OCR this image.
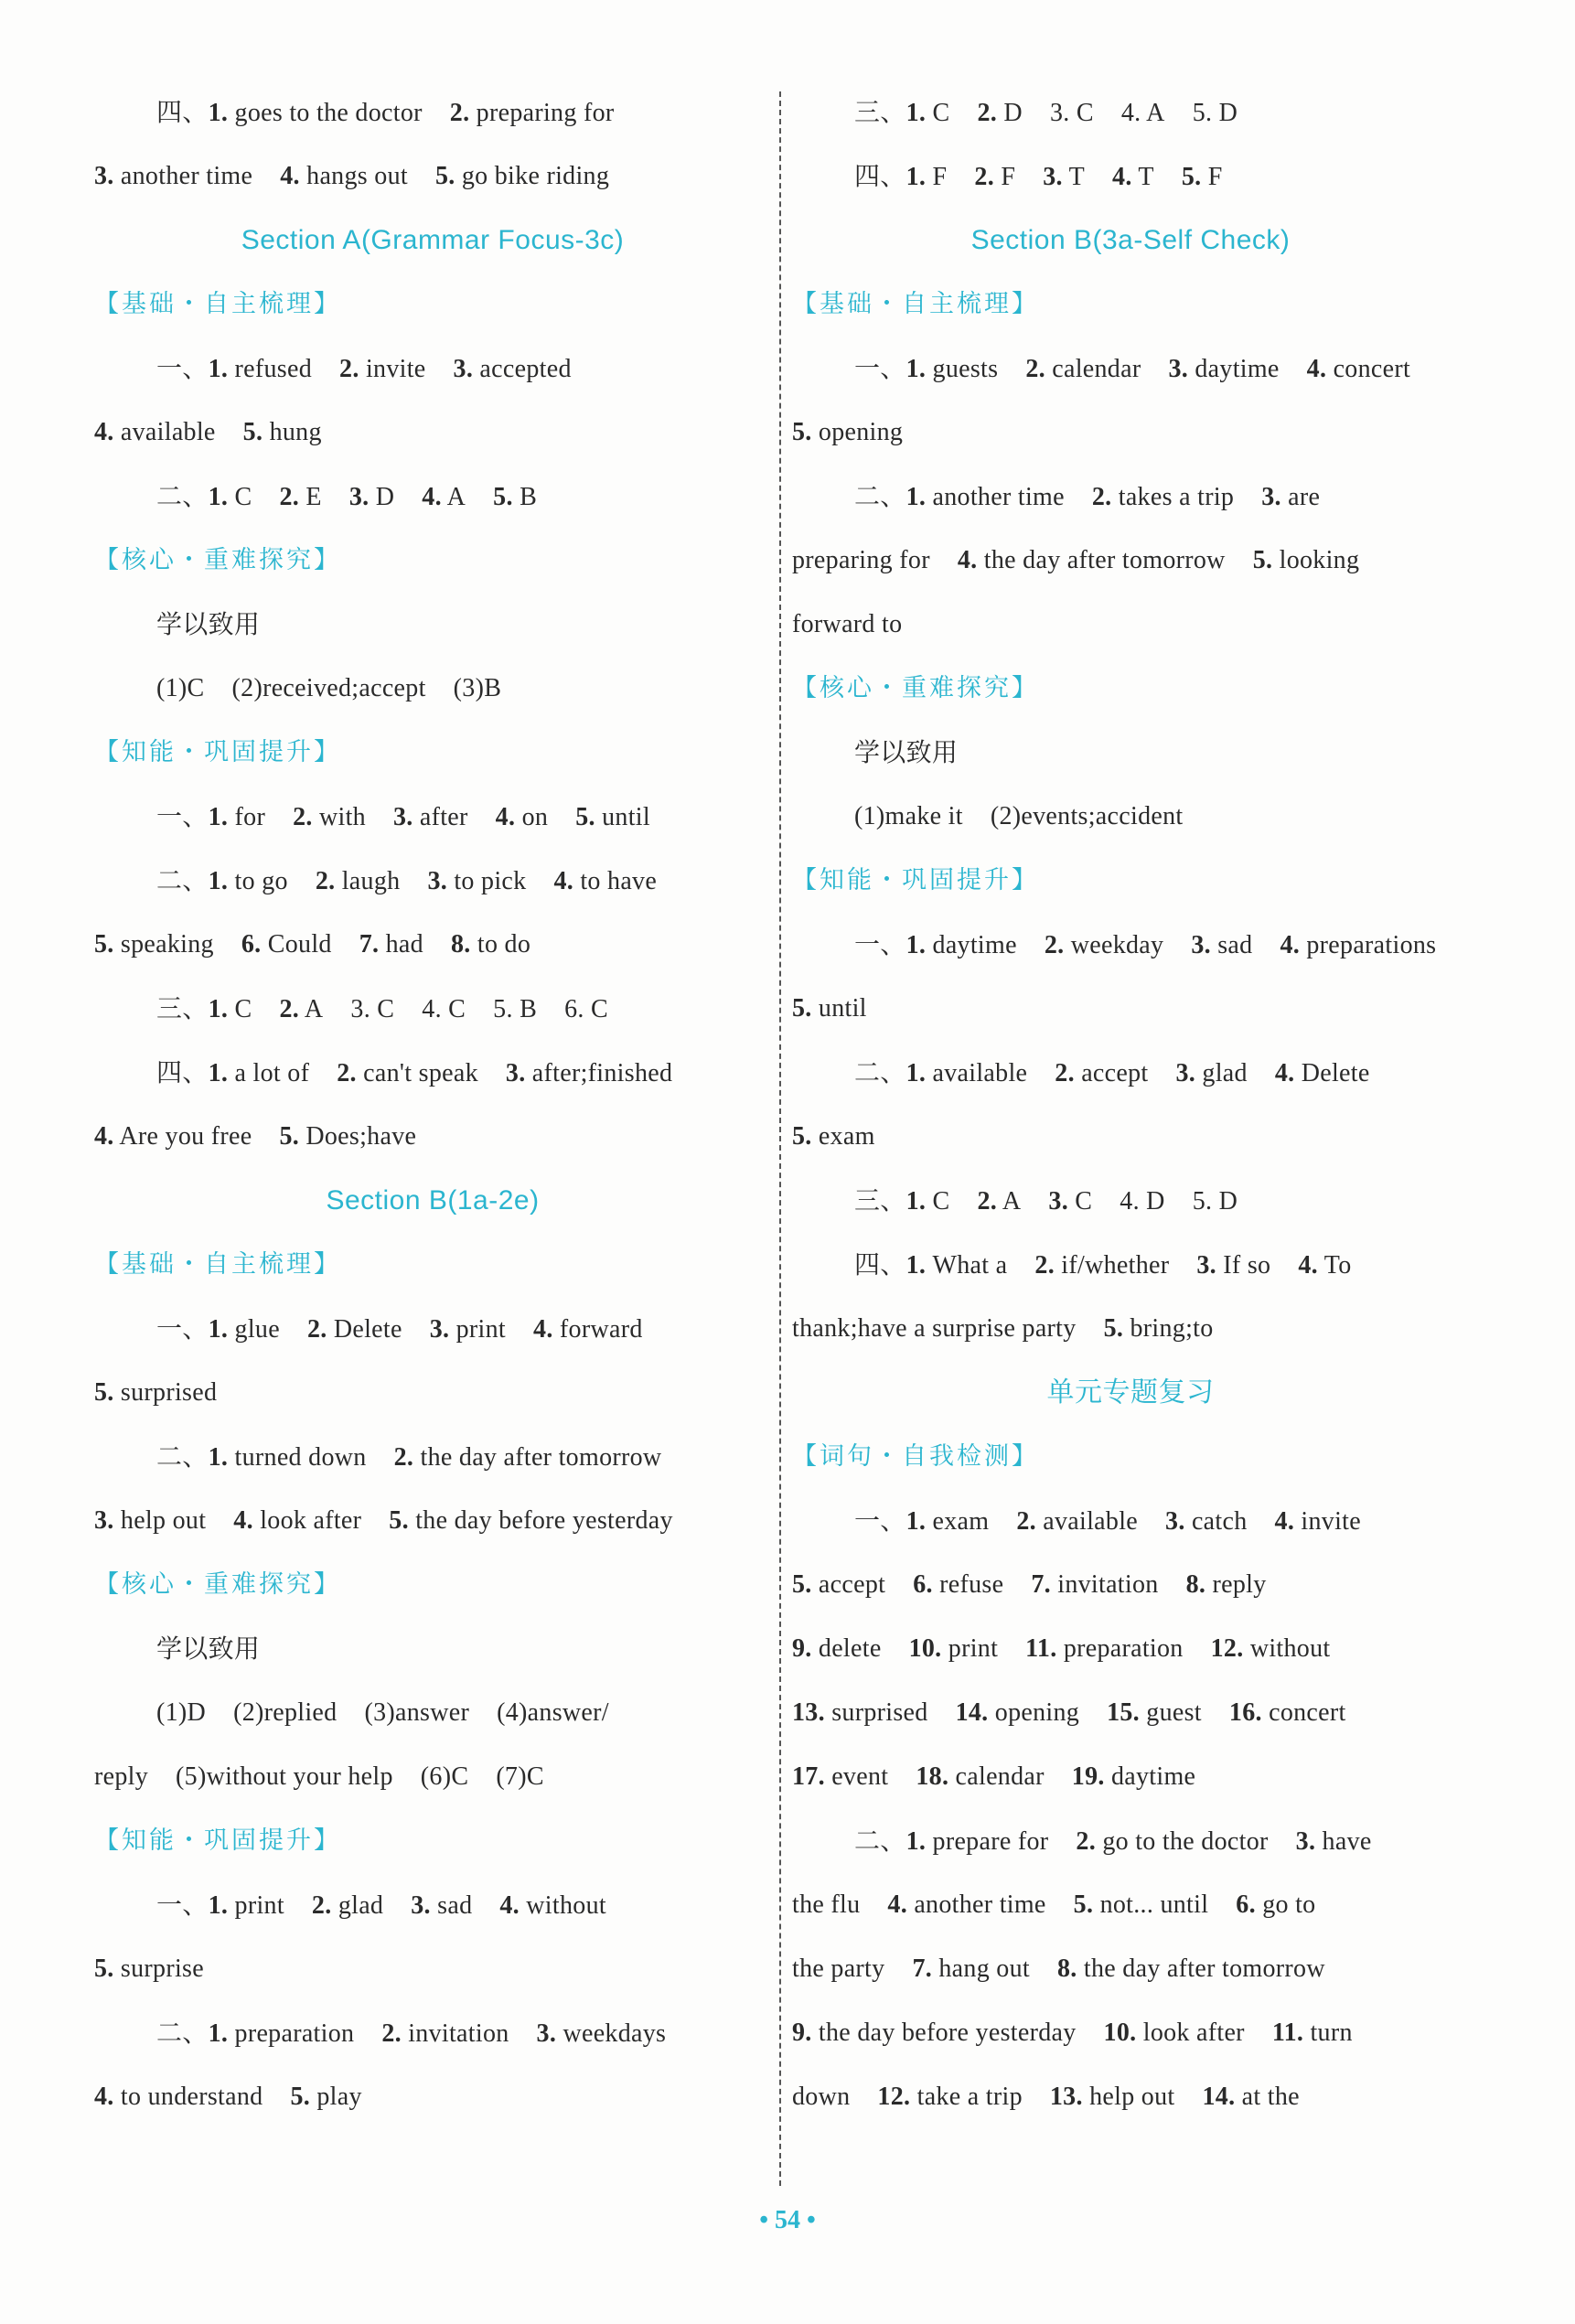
四、1. goes to the doctor 2. preparing for
3. another time 4. hangs out 5. go bike riding
Section A(Grammar Focus-3c)
【基础・自主梳理】
一、1. refused 2. invite 3. accepted
4. available 5. hung
二、1. C 2. E 3. D 4. A 5. B
【核心・重难探究】
学以致用
(1)C (2)received;accept (3)B
【知能・巩固提升】
一、1. for 2. with 3. after 4. on 5. until
二、1. to go 2. laugh 3. to pick 4. to have
5. speaking 6. Could 7. had 8. to do
三、1. C 2. A 3. C 4. C 5. B 6. C
四、1. a lot of 2. can't speak 3. after;finished
4. Are you free 5. Does;have
Section B(1a-2e)
【基础・自主梳理】
一、1. glue 2. Delete 3. print 4. forward
5. surprised
二、1. turned down 2. the day after tomorrow
3. help out 4. look after 5. the day before yesterday
【核心・重难探究】
学以致用
(1)D (2)replied (3)answer (4)answer/
reply (5)without your help (6)C (7)C
【知能・巩固提升】
一、1. print 2. glad 3. sad 4. without
5. surprise
二、1. preparation 2. invitation 3. weekdays
4. to understand 5. play
三、1. C 2. D 3. C 4. A 5. D
四、1. F 2. F 3. T 4. T 5. F
Section B(3a-Self Check)
【基础・自主梳理】
一、1. guests 2. calendar 3. daytime 4. concert
5. opening
二、1. another time 2. takes a trip 3. are
preparing for 4. the day after tomorrow 5. looking
forward to
【核心・重难探究】
学以致用
(1)make it (2)events;accident
【知能・巩固提升】
一、1. daytime 2. weekday 3. sad 4. preparations
5. until
二、1. available 2. accept 3. glad 4. Delete
5. exam
三、1. C 2. A 3. C 4. D 5. D
四、1. What a 2. if/whether 3. If so 4. To
thank;have a surprise party 5. bring;to
单元专题复习
【词句・自我检测】
一、1. exam 2. available 3. catch 4. invite
5. accept 6. refuse 7. invitation 8. reply
9. delete 10. print 11. preparation 12. without
13. surprised 14. opening 15. guest 16. concert
17. event 18. calendar 19. daytime
二、1. prepare for 2. go to the doctor 3. have
the flu 4. another time 5. not... until 6. go to
the party 7. hang out 8. the day after tomorrow
9. the day before yesterday 10. look after 11. turn
down 12. take a trip 13. help out 14. at the
• 54 •
